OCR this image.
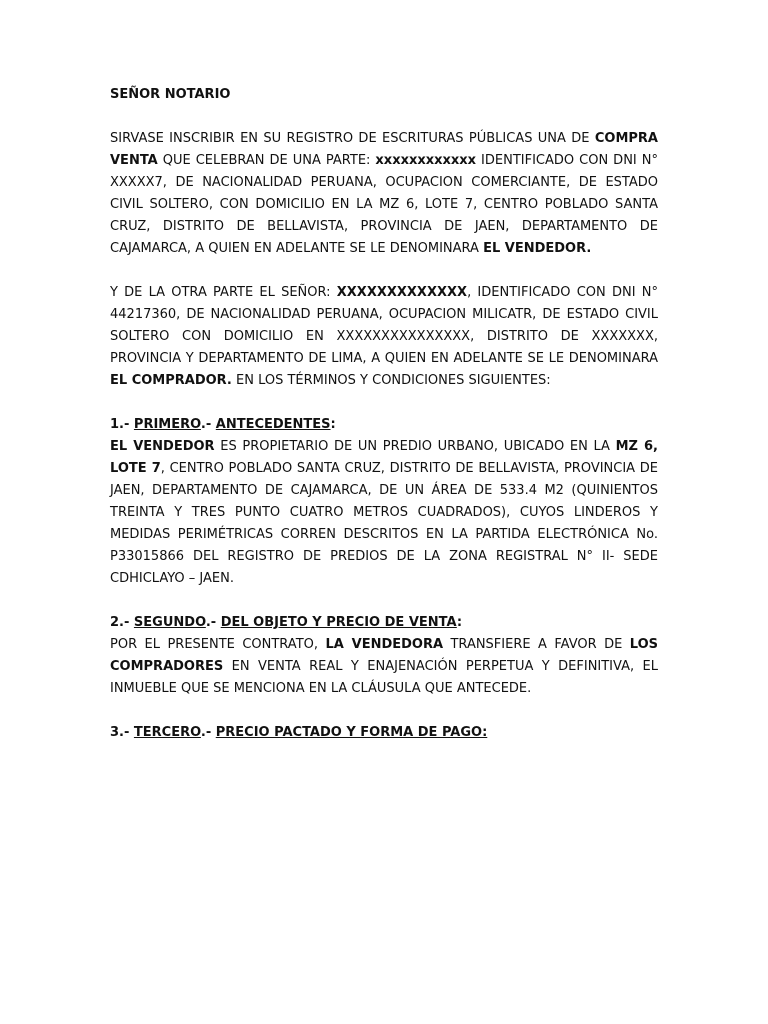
SEÑOR NOTARIO

SIRVASE INSCRIBIR EN SU REGISTRO DE ESCRITURAS PÚBLICAS UNA DE COMPRA VENTA QUE CELEBRAN DE UNA PARTE: xxxxxxxxxxxx IDENTIFICADO CON DNI N° XXXXX7, DE NACIONALIDAD PERUANA, OCUPACION COMERCIANTE, DE ESTADO CIVIL SOLTERO, CON DOMICILIO EN LA MZ 6, LOTE 7, CENTRO POBLADO SANTA CRUZ, DISTRITO DE BELLAVISTA, PROVINCIA DE JAEN, DEPARTAMENTO DE CAJAMARCA, A QUIEN EN ADELANTE SE LE DENOMINARA EL VENDEDOR.

Y DE LA OTRA PARTE EL SEÑOR: XXXXXXXXXXXXX, IDENTIFICADO CON DNI N° 44217360, DE NACIONALIDAD PERUANA, OCUPACION MILICATR, DE ESTADO CIVIL SOLTERO CON DOMICILIO EN XXXXXXXXXXXXXXX, DISTRITO DE XXXXXXX, PROVINCIA Y DEPARTAMENTO DE LIMA, A QUIEN EN ADELANTE SE LE DENOMINARA EL COMPRADOR. EN LOS TÉRMINOS Y CONDICIONES SIGUIENTES:

1.- PRIMERO.- ANTECEDENTES:

EL VENDEDOR ES PROPIETARIO DE UN PREDIO URBANO, UBICADO EN LA MZ 6, LOTE 7, CENTRO POBLADO SANTA CRUZ, DISTRITO DE BELLAVISTA, PROVINCIA DE JAEN, DEPARTAMENTO DE CAJAMARCA, DE UN ÁREA DE 533.4 M2 (QUINIENTOS TREINTA Y TRES PUNTO CUATRO METROS CUADRADOS), CUYOS LINDEROS Y MEDIDAS PERIMÉTRICAS CORREN DESCRITOS EN LA PARTIDA ELECTRÓNICA No. P33015866 DEL REGISTRO DE PREDIOS DE LA ZONA REGISTRAL N° II- SEDE CDHICLAYO – JAEN.

2.- SEGUNDO.- DEL OBJETO Y PRECIO DE VENTA:

POR EL PRESENTE CONTRATO, LA VENDEDORA TRANSFIERE A FAVOR DE LOS COMPRADORES EN VENTA REAL Y ENAJENACIÓN PERPETUA Y DEFINITIVA, EL INMUEBLE QUE SE MENCIONA EN LA CLÁUSULA QUE ANTECEDE.

3.- TERCERO.- PRECIO PACTADO Y FORMA DE PAGO:
